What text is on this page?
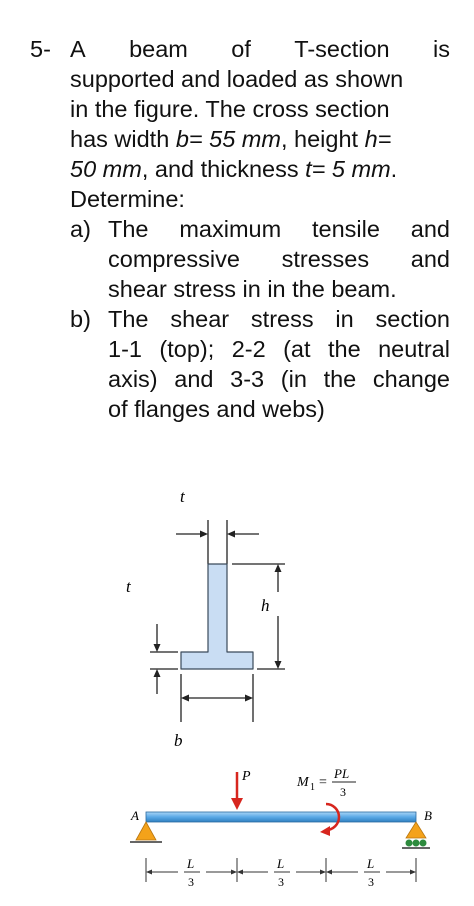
5- A beam of T-section is
supported and loaded as shown
in the figure. The cross section
has width b= 55 mm, height h=
50 mm, and thickness t= 5 mm.
Determine:
a) The maximum tensile and
compressive stresses and
shear stress in in the beam.
b) The shear stress in section
1-1 (top); 2-2 (at the neutral
axis) and 3-3 (in the change
of flanges and webs)
t
h
t
b
P	M 1 =
PL
3
A	B
L
3
L
3
L
3
